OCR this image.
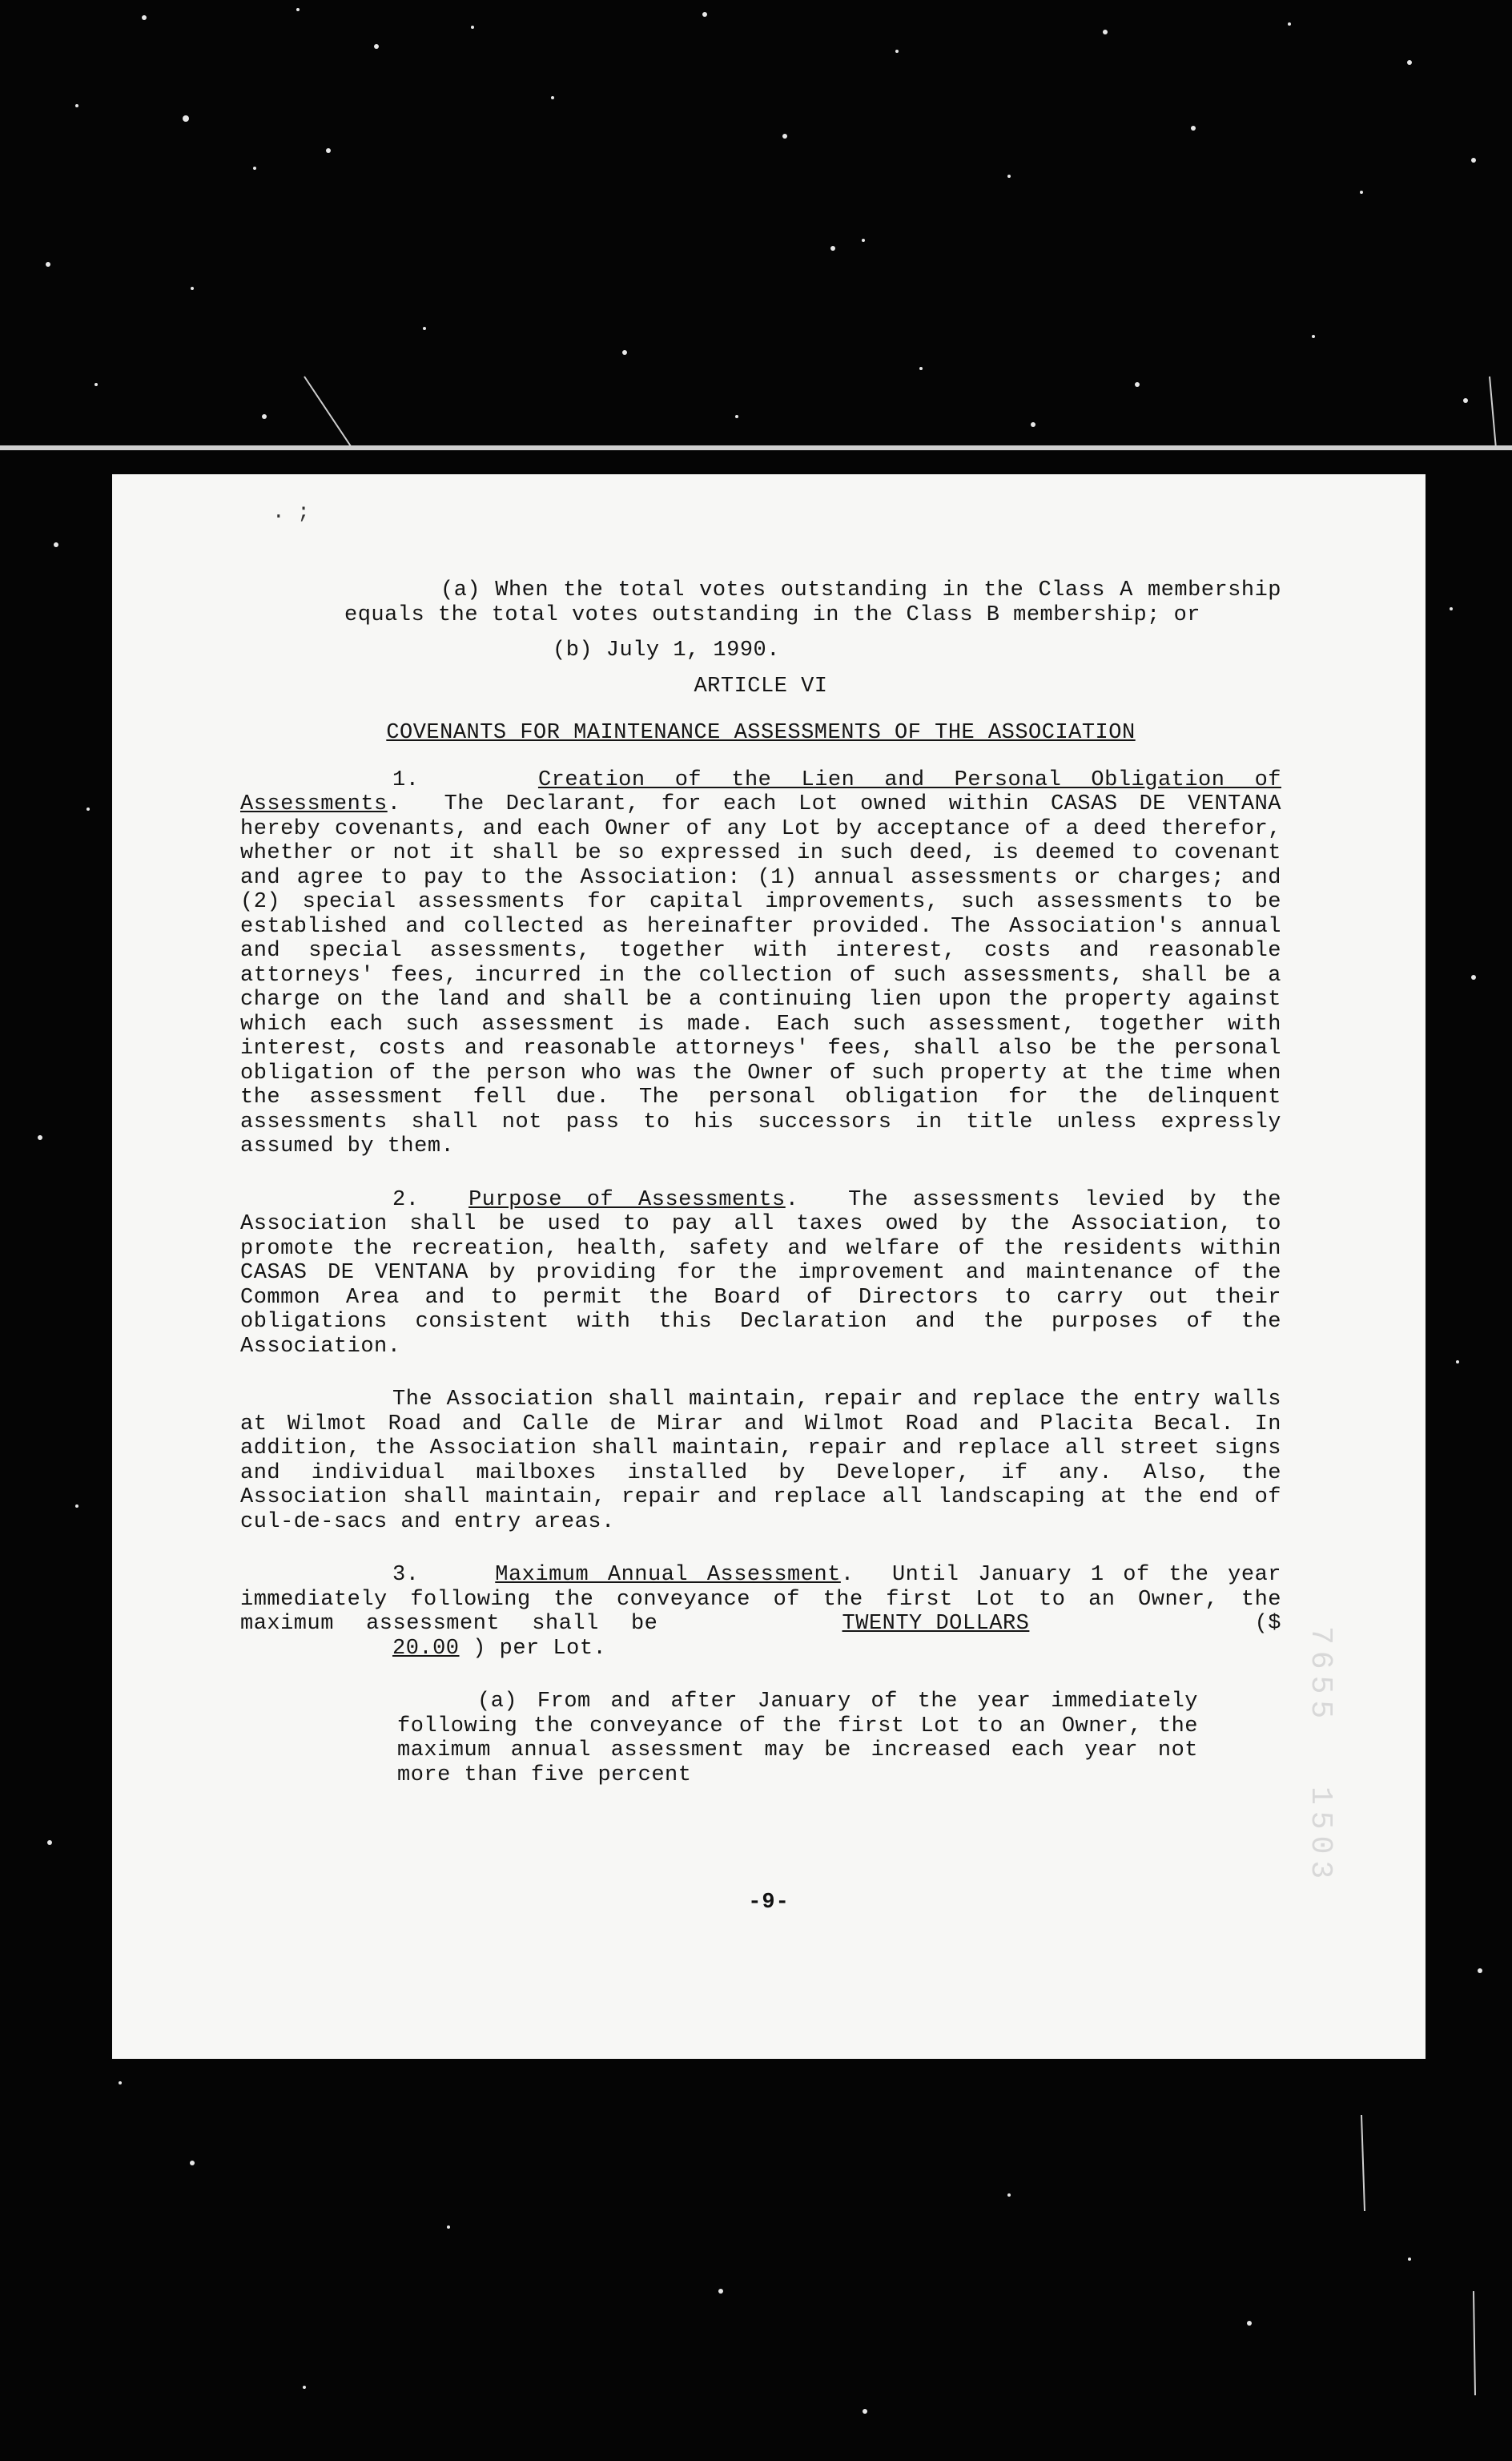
. ;

(a) When the total votes outstanding in the Class A membership equals the total votes outstanding in the Class B membership; or

(b) July 1, 1990.

ARTICLE VI

COVENANTS FOR MAINTENANCE ASSESSMENTS OF THE ASSOCIATION

1.	Creation of the Lien and Personal Obligation of Assessments.  The Declarant, for each Lot owned within CASAS DE VENTANA hereby covenants, and each Owner of any Lot by acceptance of a deed therefor, whether or not it shall be so expressed in such deed, is deemed to covenant and agree to pay to the Association: (1) annual assessments or charges; and (2) special assessments for capital improvements, such assessments to be established and collected as hereinafter provided. The Association's annual and special assessments, together with interest, costs and reasonable attorneys' fees, incurred in the collection of such assessments, shall be a charge on the land and shall be a continuing lien upon the property against which each such assessment is made. Each such assessment, together with interest, costs and reasonable attorneys' fees, shall also be the personal obligation of the person who was the Owner of such property at the time when the assessment fell due. The personal obligation for the delinquent assessments shall not pass to his successors in title unless expressly assumed by them.

2. Purpose of Assessments.  The assessments levied by the Association shall be used to pay all taxes owed by the Association, to promote the recreation, health, safety and welfare of the residents within CASAS DE VENTANA by providing for the improvement and maintenance of the Common Area and to permit the Board of Directors to carry out their obligations consistent with this Declaration and the purposes of the Association.

The Association shall maintain, repair and replace the entry walls at Wilmot Road and Calle de Mirar and Wilmot Road and Placita Becal. In addition, the Association shall maintain, repair and replace all street signs and individual mailboxes installed by Developer, if any. Also, the Association shall maintain, repair and replace all landscaping at the end of cul-de-sacs and entry areas.

3.	Maximum Annual Assessment.  Until January 1 of the year immediately following the conveyance of the first Lot to an Owner, the maximum assessment shall be	TWENTY DOLLARS	($20.00 ) per Lot.

(a) From and after January of the year immediately following the conveyance of the first Lot to an Owner, the maximum annual assessment may be increased each year not more than five percent

-9-
7655
1503
